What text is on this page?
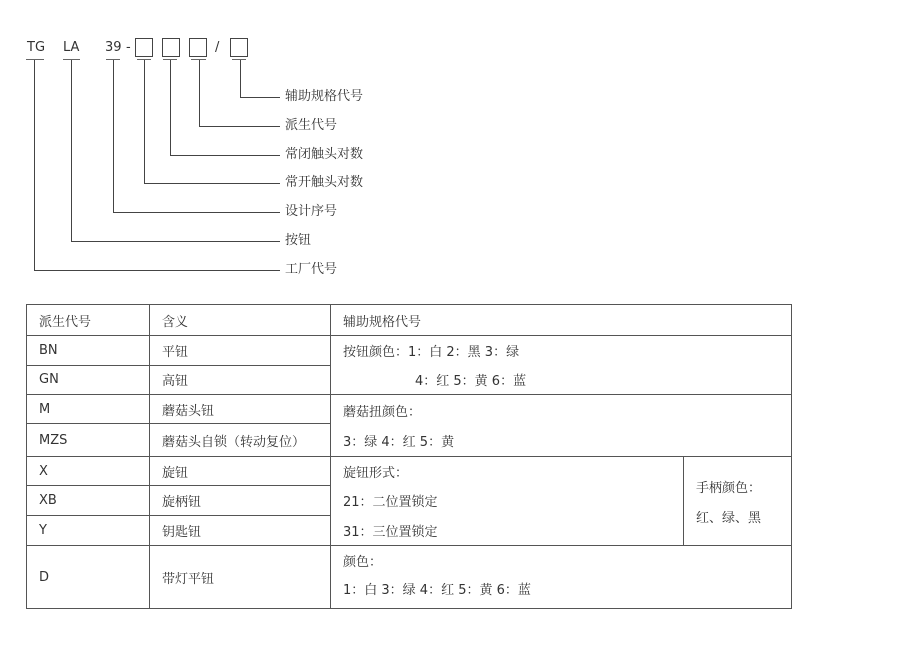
TG LA 39 -	/
辅助规格代号
派生代号
常闭触头对数
常开触头对数
设计序号
按钮
工厂代号
派生代号	含义	辅助规格代号	
BN	平钮	按钮颜色：1：白 2：黑 3：绿
4：红 5：黄 6：蓝	

GN	高钮		
M	蘑菇头钮	蘑菇扭颜色：
3：绿 4：红 5：黄	

MZS	蘑菇头自锁（转动复位）		
X	旋钮	旋钮形式：
21：二位置锁定
31：三位置锁定	手柄颜色：
红、绿、黑

XB	旋柄钮		
Y	钥匙钮		
D	带灯平钮	颜色：
1：白 3：绿 4：红 5：黄 6：蓝	
